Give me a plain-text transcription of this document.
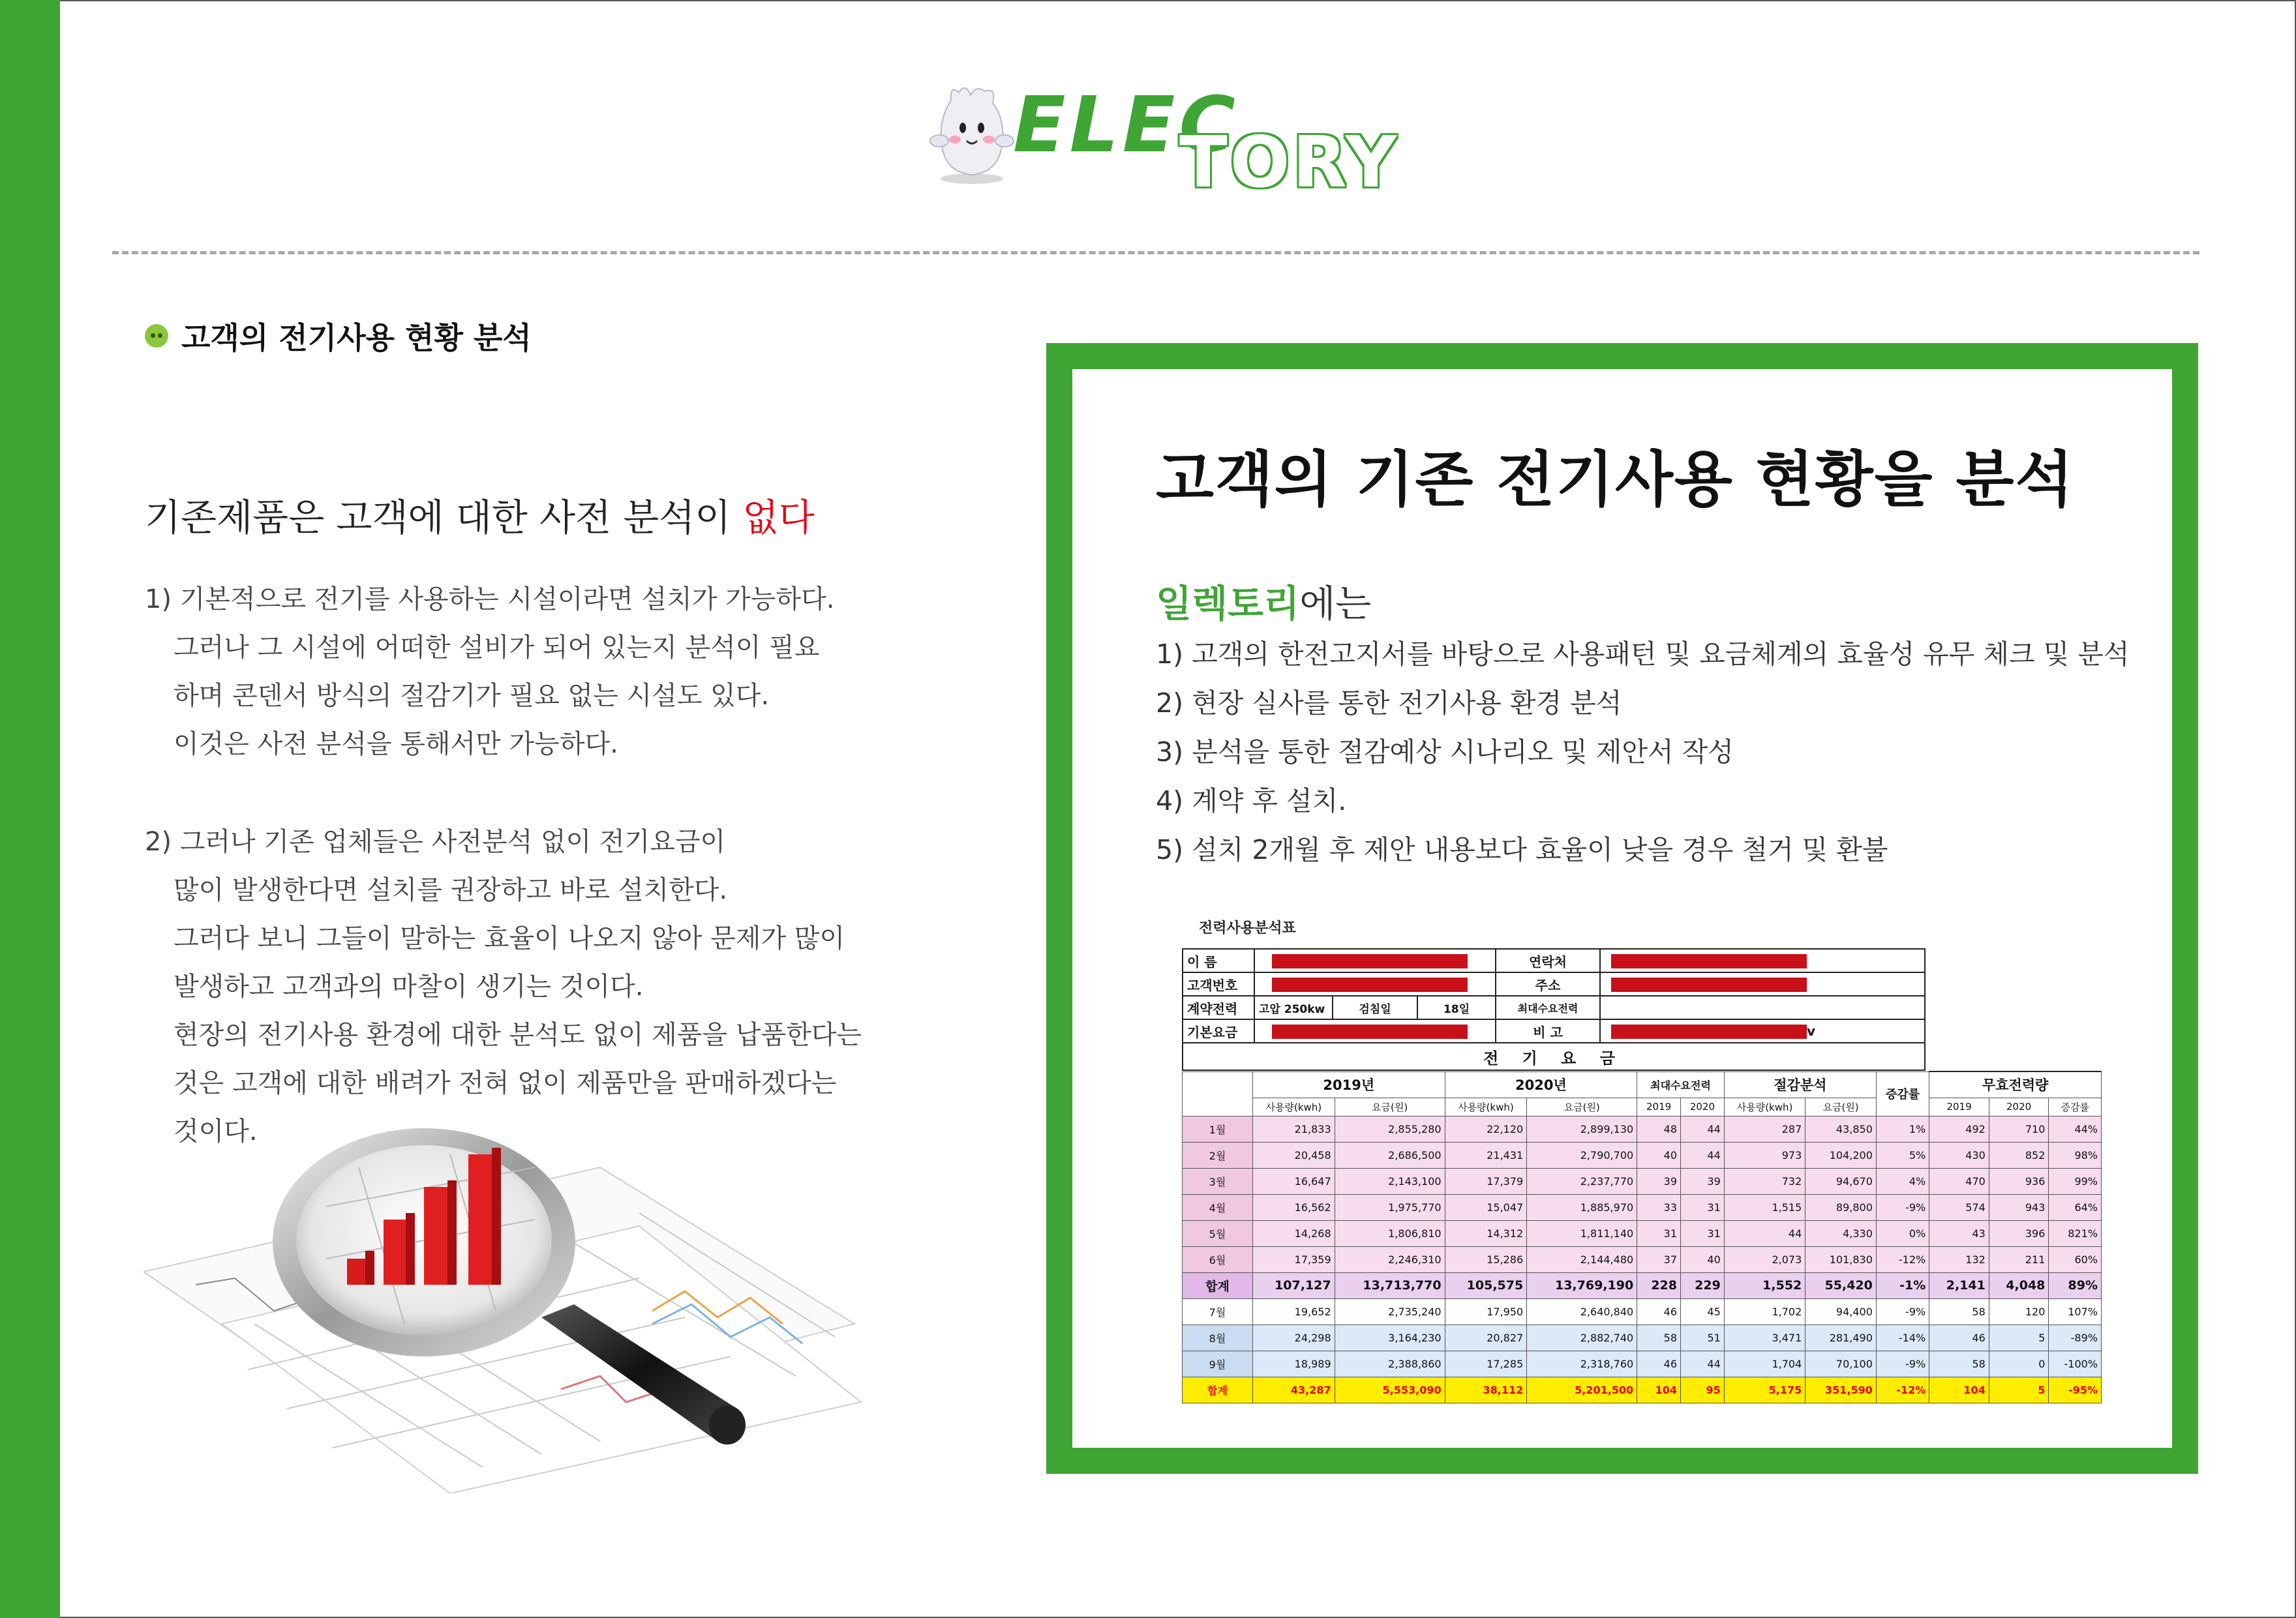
ELEC
TORY
고객의 전기사용 현황 분석
기존제품은 고객에 대한 사전 분석이 없다
1) 기본적으로 전기를 사용하는 시설이라면 설치가 가능하다.
그러나 그 시설에 어떠한 설비가 되어 있는지 분석이 필요
하며 콘덴서 방식의 절감기가 필요 없는 시설도 있다.
이것은 사전 분석을 통해서만 가능하다.
2) 그러나 기존 업체들은 사전분석 없이 전기요금이
많이 발생한다면 설치를 권장하고 바로 설치한다.
그러다 보니 그들이 말하는 효율이 나오지 않아 문제가 많이
발생하고 고객과의 마찰이 생기는 것이다.
현장의 전기사용 환경에 대한 분석도 없이 제품을 납품한다는
것은 고객에 대한 배려가 전혀 없이 제품만을 판매하겠다는
것이다.
고객의 기존 전기사용 현황을 분석
일렉토리에는
1) 고객의 한전고지서를 바탕으로 사용패턴 및 요금체계의 효율성 유무 체크 및 분석
2) 현장 실사를 통한 전기사용 환경 분석
3) 분석을 통한 절감예상 시나리오 및 제안서 작성
4) 계약 후 설치.
5) 설치 2개월 후 제안 내용보다 효율이 낮을 경우 철거 및 환불
전력사용분석표
이 름				연락처	
고객번호				주소	
계약전력	고압 250kw	검침일	18일	최대수요전력	
기본요금				비 고	v
전 기 요 금					
	2019년		2020년		최대수요전력		절감분석		증감률	무효전력량		
	사용량(kwh)	요금(원)	사용량(kwh)	요금(원)	2019	2020	사용량(kwh)	요금(원)		2019	2020	증감률
1월	21,833	2,855,280	22,120	2,899,130	48	44	287	43,850	1%	492	710	44%
2월	20,458	2,686,500	21,431	2,790,700	40	44	973	104,200	5%	430	852	98%
3월	16,647	2,143,100	17,379	2,237,770	39	39	732	94,670	4%	470	936	99%
4월	16,562	1,975,770	15,047	1,885,970	33	31	1,515	89,800	-9%	574	943	64%
5월	14,268	1,806,810	14,312	1,811,140	31	31	44	4,330	0%	43	396	821%
6월	17,359	2,246,310	15,286	2,144,480	37	40	2,073	101,830	-12%	132	211	60%
합계	107,127	13,713,770	105,575	13,769,190	228	229	1,552	55,420	-1%	2,141	4,048	89%
7월	19,652	2,735,240	17,950	2,640,840	46	45	1,702	94,400	-9%	58	120	107%
8월	24,298	3,164,230	20,827	2,882,740	58	51	3,471	281,490	-14%	46	5	-89%
9월	18,989	2,388,860	17,285	2,318,760	46	44	1,704	70,100	-9%	58	0	-100%
합계	43,287	5,553,090	38,112	5,201,500	104	95	5,175	351,590	-12%	104	5	-95%
